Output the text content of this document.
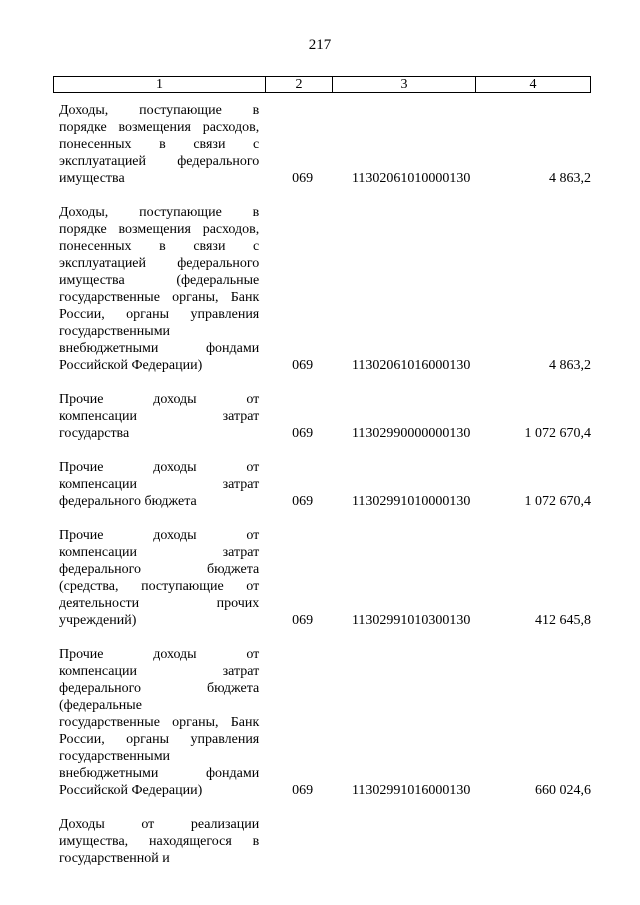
217
1	2	3	4
Доходы, поступающие в
порядке возмещения расходов,
понесенных в связи с
эксплуатацией федерального
имущества	069	11302061010000130	4 863,2
Доходы, поступающие в
порядке возмещения расходов,
понесенных в связи с
эксплуатацией федерального
имущества (федеральные
государственные органы, Банк
России, органы управления
государственными
внебюджетными фондами
Российской Федерации)	069	11302061016000130	4 863,2
Прочие доходы от
компенсации затрат
государства	069	11302990000000130	1 072 670,4
Прочие доходы от
компенсации затрат
федерального бюджета	069	11302991010000130	1 072 670,4
Прочие доходы от
компенсации затрат
федерального бюджета
(средства, поступающие от
деятельности прочих
учреждений)	069	11302991010300130	412 645,8
Прочие доходы от
компенсации затрат
федерального бюджета
(федеральные
государственные органы, Банк
России, органы управления
государственными
внебюджетными фондами
Российской Федерации)	069	11302991016000130	660 024,6
Доходы от реализации
имущества, находящегося в
государственной и
